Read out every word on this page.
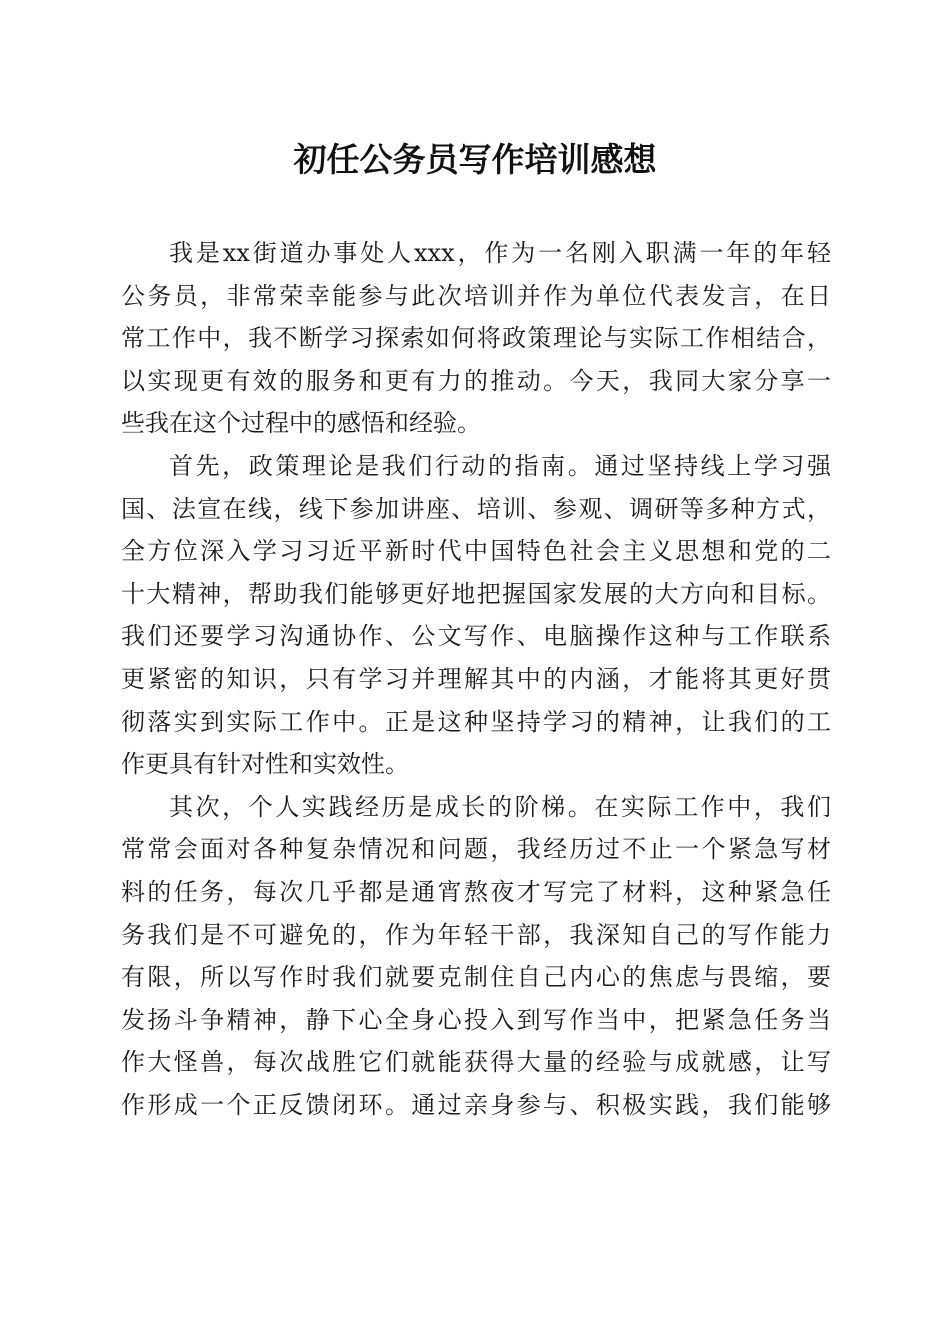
初任公务员写作培训感想
我是xx街道办事处人xxx，作为一名刚入职满一年的年轻
公务员，非常荣幸能参与此次培训并作为单位代表发言，在日
常工作中，我不断学习探索如何将政策理论与实际工作相结合，
以实现更有效的服务和更有力的推动。今天，我同大家分享一
些我在这个过程中的感悟和经验。
首先，政策理论是我们行动的指南。通过坚持线上学习强
国、法宣在线，线下参加讲座、培训、参观、调研等多种方式，
全方位深入学习习近平新时代中国特色社会主义思想和党的二
十大精神，帮助我们能够更好地把握国家发展的大方向和目标。
我们还要学习沟通协作、公文写作、电脑操作这种与工作联系
更紧密的知识，只有学习并理解其中的内涵，才能将其更好贯
彻落实到实际工作中。正是这种坚持学习的精神，让我们的工
作更具有针对性和实效性。
其次，个人实践经历是成长的阶梯。在实际工作中，我们
常常会面对各种复杂情况和问题，我经历过不止一个紧急写材
料的任务，每次几乎都是通宵熬夜才写完了材料，这种紧急任
务我们是不可避免的，作为年轻干部，我深知自己的写作能力
有限，所以写作时我们就要克制住自己内心的焦虑与畏缩，要
发扬斗争精神，静下心全身心投入到写作当中，把紧急任务当
作大怪兽，每次战胜它们就能获得大量的经验与成就感，让写
作形成一个正反馈闭环。通过亲身参与、积极实践，我们能够
